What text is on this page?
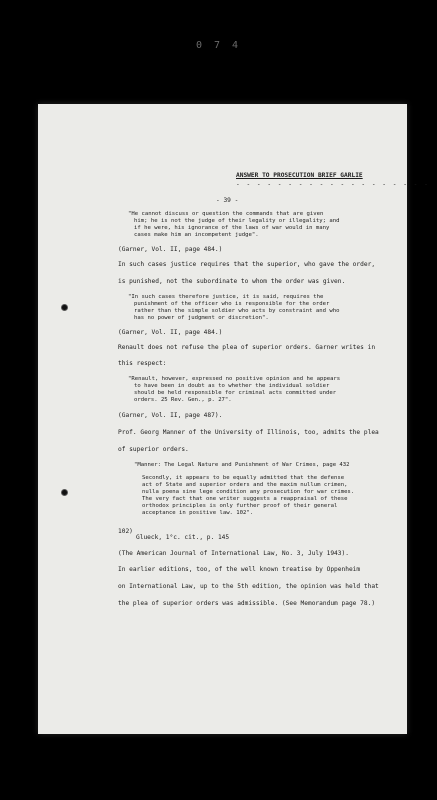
0 7 4
ANSWER TO PROSECUTION BRIEF GARLIE
- - - - - - - - - - - - - - - - - - -
- 39 -
"He cannot discuss or question the commands that are given
him; he is not the judge of their legality or illegality; and
if he were, his ignorance of the laws of war would in many
cases make him an incompetent judge".
(Garner, Vol. II, page 484.)
In such cases justice requires that the superior, who gave the order,
is punished, not the subordinate to whom the order was given.
"In such cases therefore justice, it is said, requires the
punishment of the officer who is responsible for the order
rather than the simple soldier who acts by constraint and who
has no power of judgment or discretion".
(Garner, Vol. II, page 484.)
Renault does not refuse the plea of superior orders. Garner writes in
this respect:
"Renault, however, expressed no positive opinion and he appears
to have been in doubt as to whether the individual soldier
should be held responsible for criminal acts committed under
orders. 25 Rev. Gen., p. 27".
(Garner, Vol. II, page 487).
Prof. Georg Manner of the University of Illinois, too, admits the plea
of superior orders.
"Manner: The Legal Nature and Punishment of War Crimes, page 432
Secondly, it appears to be equally admitted that the defense
act of State and superior orders and the maxim nullum crimen,
nulla poena sine lege condition any prosecution for war crimes.
The very fact that one writer suggests a reappraisal of these
orthodox principles is only further proof of their general
acceptance in positive law. 102".
102)
Glueck, 1°c. cit., p. 145
(The American Journal of International Law, No. 3, July 1943).
In earlier editions, too, of the well known treatise by Oppenheim
on International Law, up to the 5th edition, the opinion was held that
the plea of superior orders was admissible. (See Memorandum page 78.)
